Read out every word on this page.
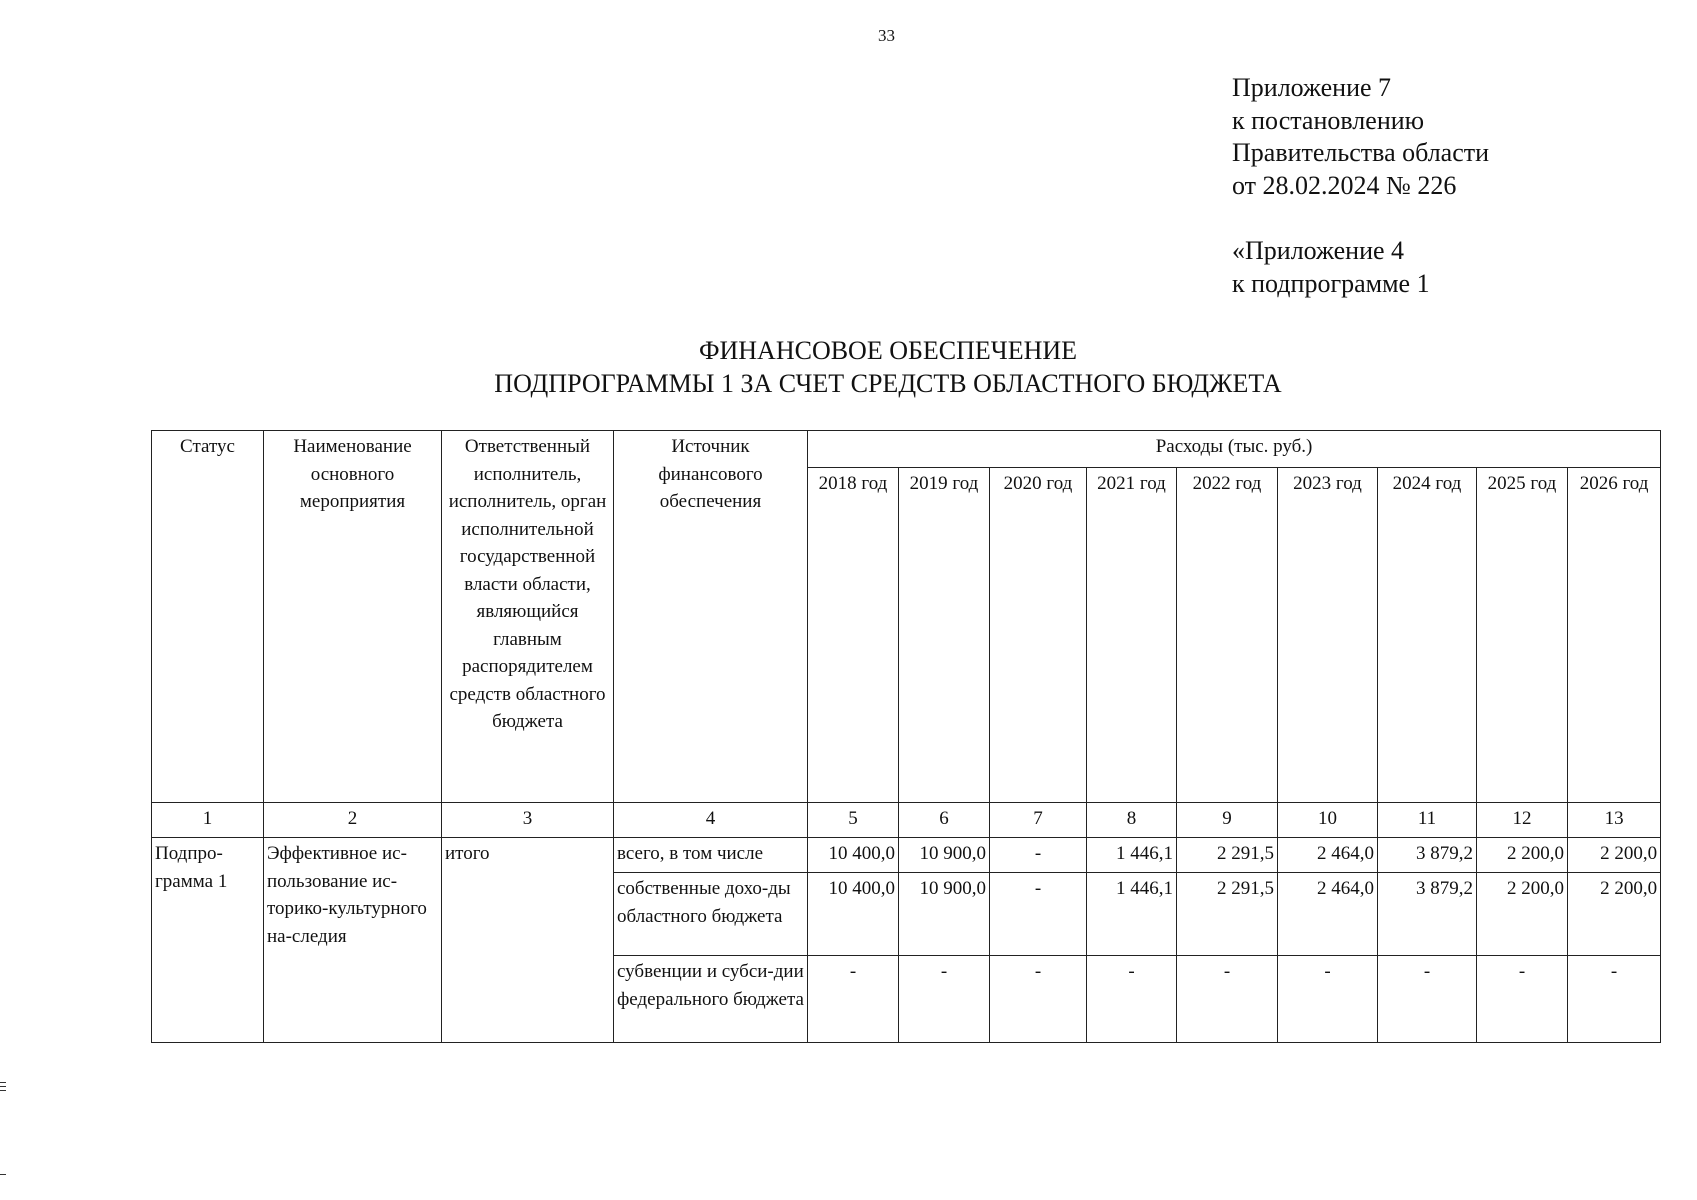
33
Приложение 7
к постановлению
Правительства области
от 28.02.2024 № 226
«Приложение 4
к подпрограмме 1
ФИНАНСОВОЕ ОБЕСПЕЧЕНИЕ
ПОДПРОГРАММЫ 1 ЗА СЧЕТ СРЕДСТВ ОБЛАСТНОГО БЮДЖЕТА
Статус	Наименование основного мероприятия	Ответственный исполнитель, исполнитель, орган исполнительной государственной власти области, являющийся главным распорядителем средств областного бюджета	Источник финансового обеспечения	Расходы (тыс. руб.)								
				2018 год	2019 год	2020 год	2021 год	2022 год	2023 год	2024 год	2025 год	2026 год
1	2	3	4	5	6	7	8	9	10	11	12	13
Подпро-грамма 1	Эффективное ис-пользование ис-торико-культурного на-следия	итого	всего, в том числе	10 400,0	10 900,0	-	1 446,1	2 291,5	2 464,0	3 879,2	2 200,0	2 200,0
			собственные дохо-ды областного бюджета	10 400,0	10 900,0	-	1 446,1	2 291,5	2 464,0	3 879,2	2 200,0	2 200,0
			субвенции и субси-дии федерального бюджета	-	-	-	-	-	-	-	-	-
